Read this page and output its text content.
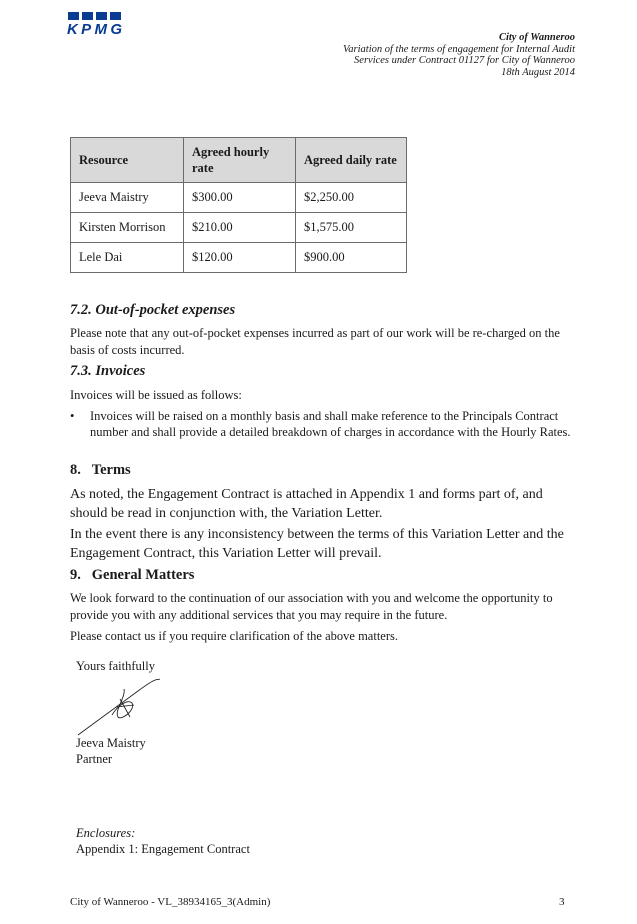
KPMG	City of Wanneroo
Variation of the terms of engagement for Internal Audit
Services under Contract 01127 for City of Wanneroo
18th August 2014
Resource	Agreed hourly rate	Agreed daily rate
Jeeva Maistry	$300.00	$2,250.00
Kirsten Morrison	$210.00	$1,575.00
Lele Dai	$120.00	$900.00
7.2. Out-of-pocket expenses
Please note that any out-of-pocket expenses incurred as part of our work will be re-charged on the basis of costs incurred.
7.3. Invoices
Invoices will be issued as follows:
• Invoices will be raised on a monthly basis and shall make reference to the Principals Contract number and shall provide a detailed breakdown of charges in accordance with the Hourly Rates.
8.   Terms
As noted, the Engagement Contract is attached in Appendix 1 and forms part of, and should be read in conjunction with, the Variation Letter.
In the event there is any inconsistency between the terms of this Variation Letter and the Engagement Contract, this Variation Letter will prevail.
9.   General Matters
We look forward to the continuation of our association with you and welcome the opportunity to provide you with any additional services that you may require in the future.
Please contact us if you require clarification of the above matters.
Yours faithfully
Jeeva Maistry
Partner
Enclosures:
Appendix 1: Engagement Contract
City of Wanneroo - VL_38934165_3(Admin)	3
